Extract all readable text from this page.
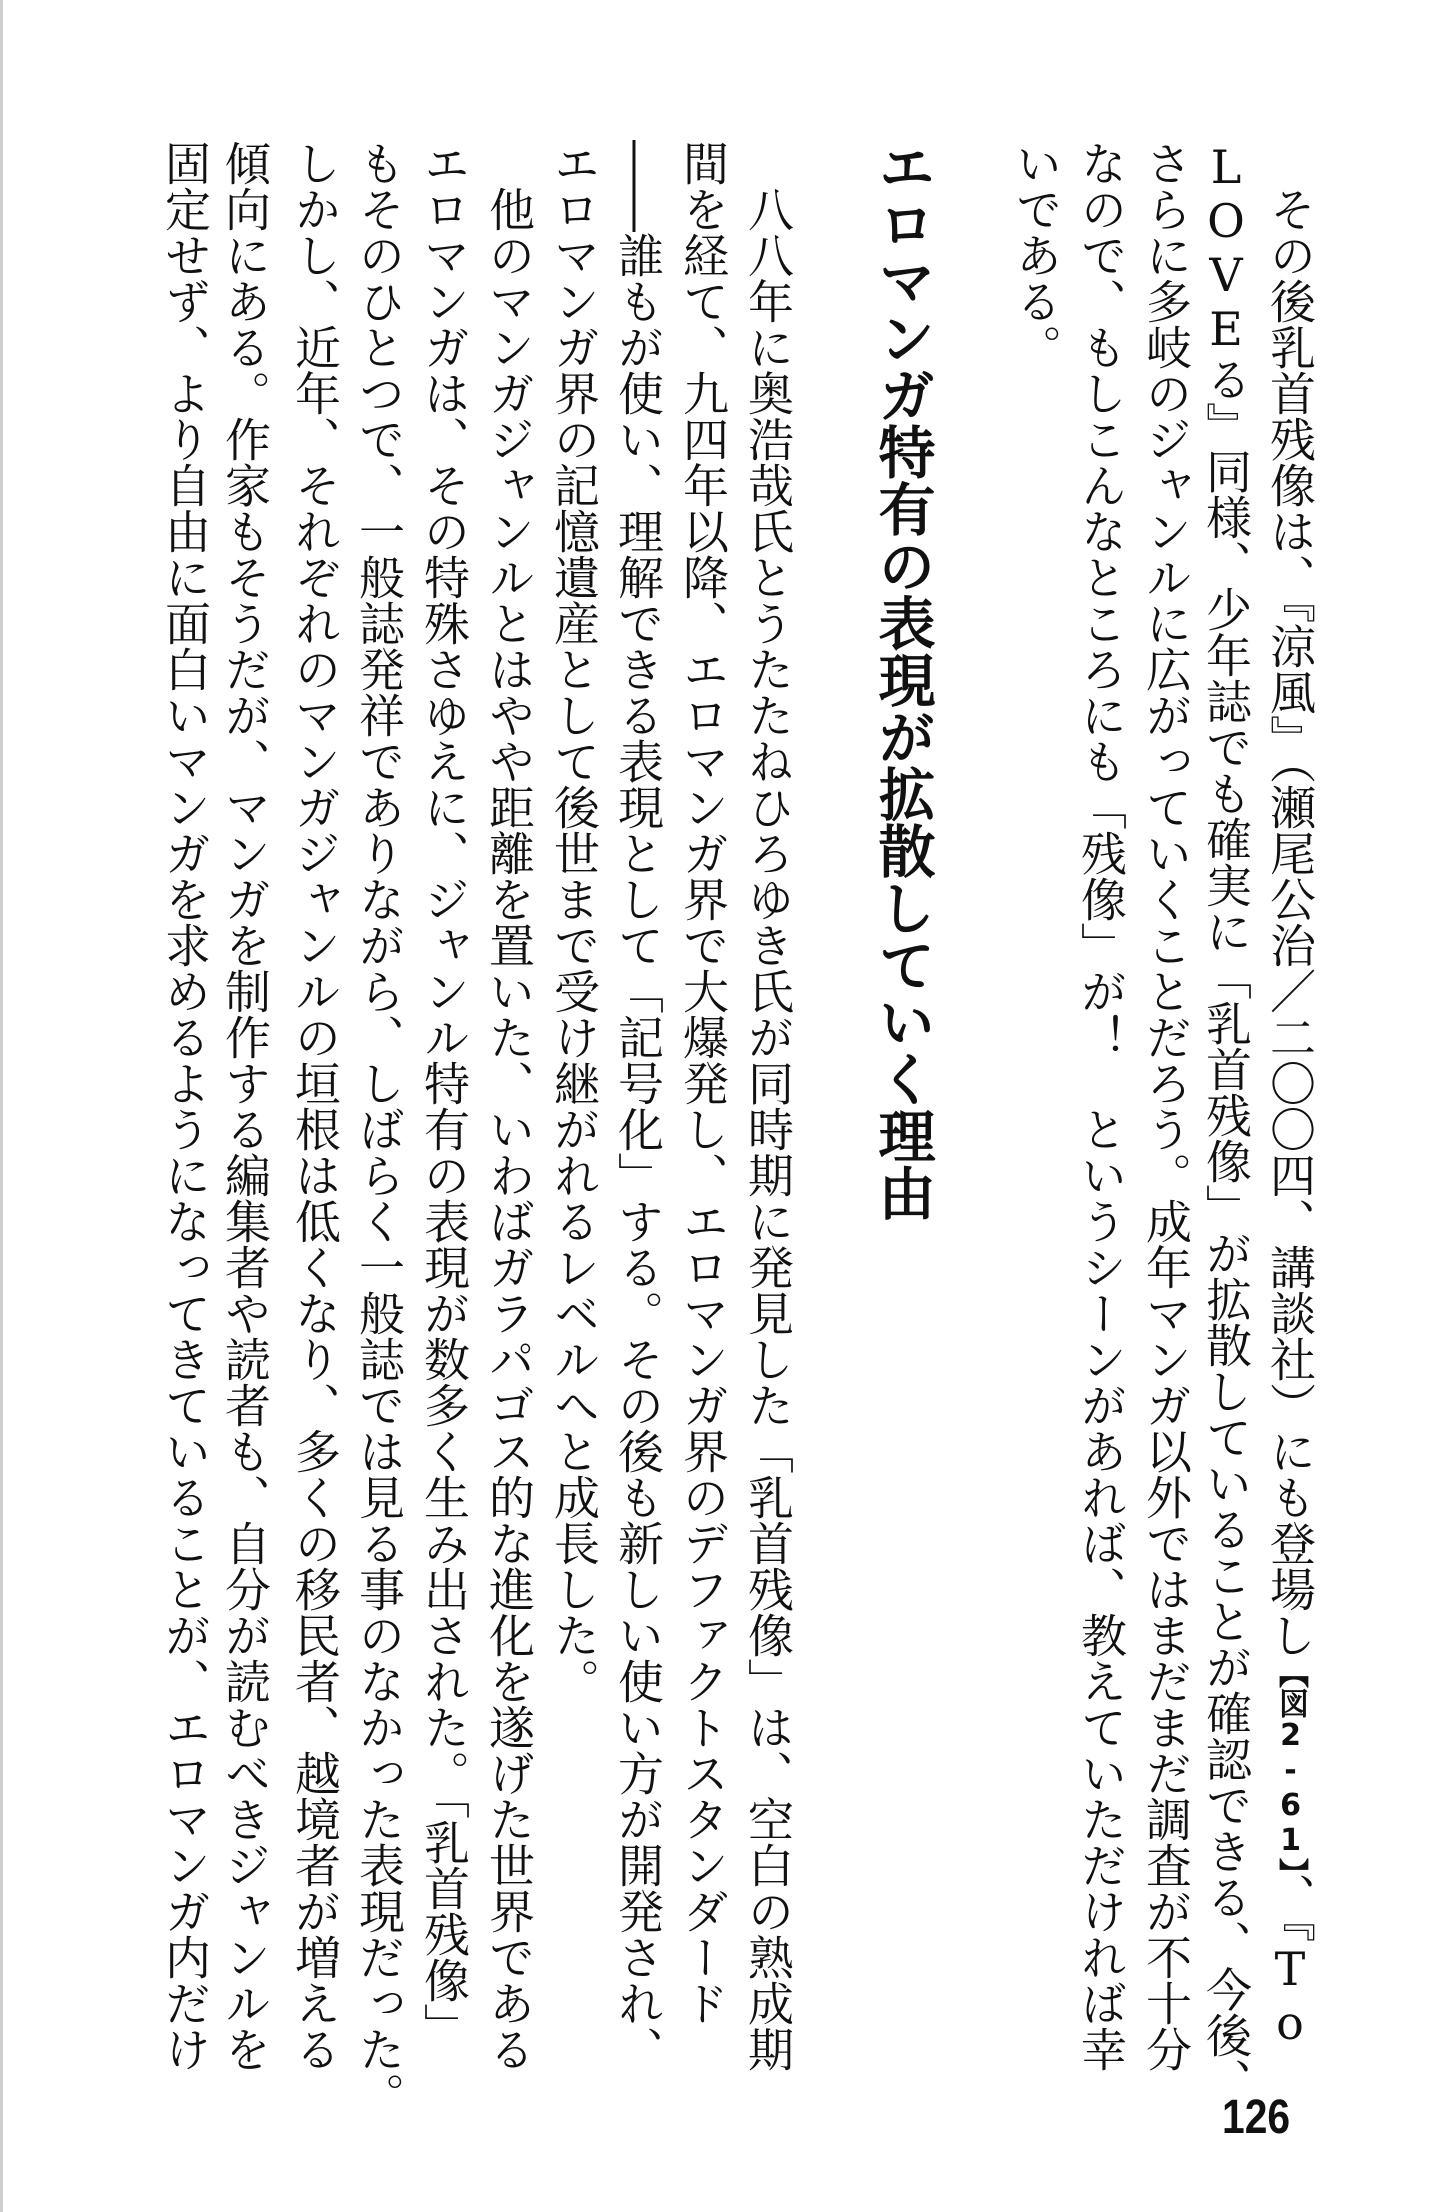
その後乳首残像は、『涼風』（瀬尾公治／二〇〇四、講談社）にも登場し【図2-61】、『To
LOVEる』同様、少年誌でも確実に「乳首残像」が拡散していることが確認できる、今後、
さらに多岐のジャンルに広がっていくことだろう。成年マンガ以外ではまだまだ調査が不十分
なので、もしこんなところにも「残像」が！　というシーンがあれば、教えていただければ幸
いである。
エロマンガ特有の表現が拡散していく理由
八八年に奥浩哉氏とうたたねひろゆき氏が同時期に発見した「乳首残像」は、空白の熟成期
間を経て、九四年以降、エロマンガ界で大爆発し、エロマンガ界のデファクトスタンダード
――誰もが使い、理解できる表現として「記号化」する。その後も新しい使い方が開発され、
エロマンガ界の記憶遺産として後世まで受け継がれるレベルへと成長した。
他のマンガジャンルとはやや距離を置いた、いわばガラパゴス的な進化を遂げた世界である
エロマンガは、その特殊さゆえに、ジャンル特有の表現が数多く生み出された。「乳首残像」
もそのひとつで、一般誌発祥でありながら、しばらく一般誌では見る事のなかった表現だった。
しかし、近年、それぞれのマンガジャンルの垣根は低くなり、多くの移民者、越境者が増える
傾向にある。作家もそうだが、マンガを制作する編集者や読者も、自分が読むべきジャンルを
固定せず、より自由に面白いマンガを求めるようになってきていることが、エロマンガ内だけ
126
